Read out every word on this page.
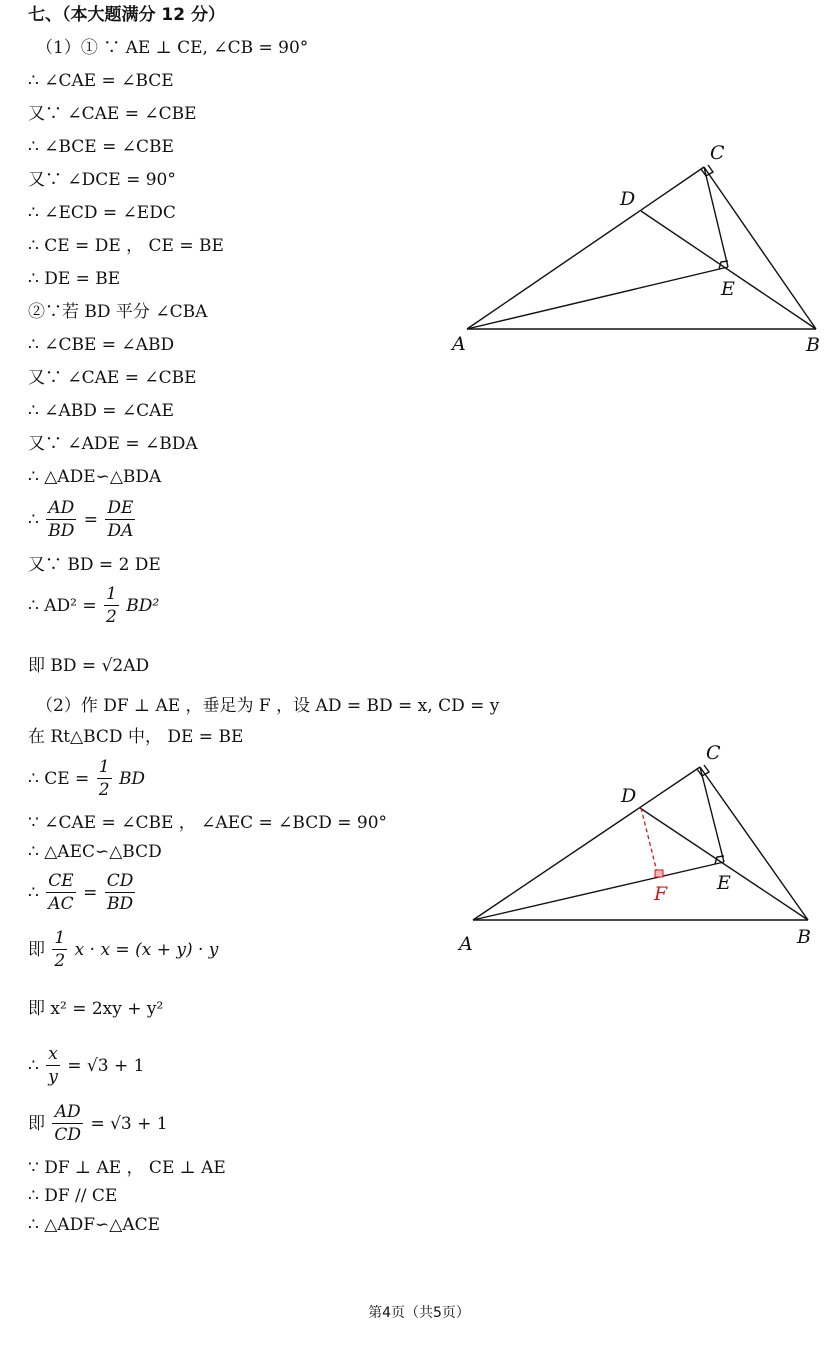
七、（本大题满分 12 分）
（1）① ∵ AE ⊥ CE, ∠CB = 90°
∴ ∠CAE = ∠BCE
又∵ ∠CAE = ∠CBE
∴ ∠BCE = ∠CBE
又∵ ∠DCE = 90°
∴ ∠ECD = ∠EDC
∴ CE = DE ， CE = BE
∴ DE = BE
②∵若 BD 平分 ∠CBA
∴ ∠CBE = ∠ABD
又∵ ∠CAE = ∠CBE
∴ ∠ABD = ∠CAE
又∵ ∠ADE = ∠BDA
∴ △ADE∽△BDA
∴ $\frac{AD}{BD} = \frac{DE}{DA}$
又∵ BD = 2 DE
∴ $AD^2 = \frac{1}{2} BD^2$
即 BD = √2AD
（2）作 DF ⊥ AE ，垂足为 F ，设 AD = BD = x, CD = y
在 Rt△BCD 中， DE = BE
∴ CE = $\frac{1}{2}$ BD
∵ ∠CAE = ∠CBE ， ∠AEC = ∠BCD = 90°
∴ △AEC∽△BCD
∴ $\frac{CE}{AC} = \frac{CD}{BD}$
即 $\frac{1}{2}$ x · x = (x + y) · y
即 x² = 2xy + y²
∴ $\frac{x}{y} = √3 + 1$
即 $\frac{AD}{CD} = √3 + 1$
∵ DF ⊥ AE ， CE ⊥ AE
∴ DF // CE
∴ △ADF∽△ACE
A	B
C
D
E
A	B
C
D
E
F
第4页（共5页）
